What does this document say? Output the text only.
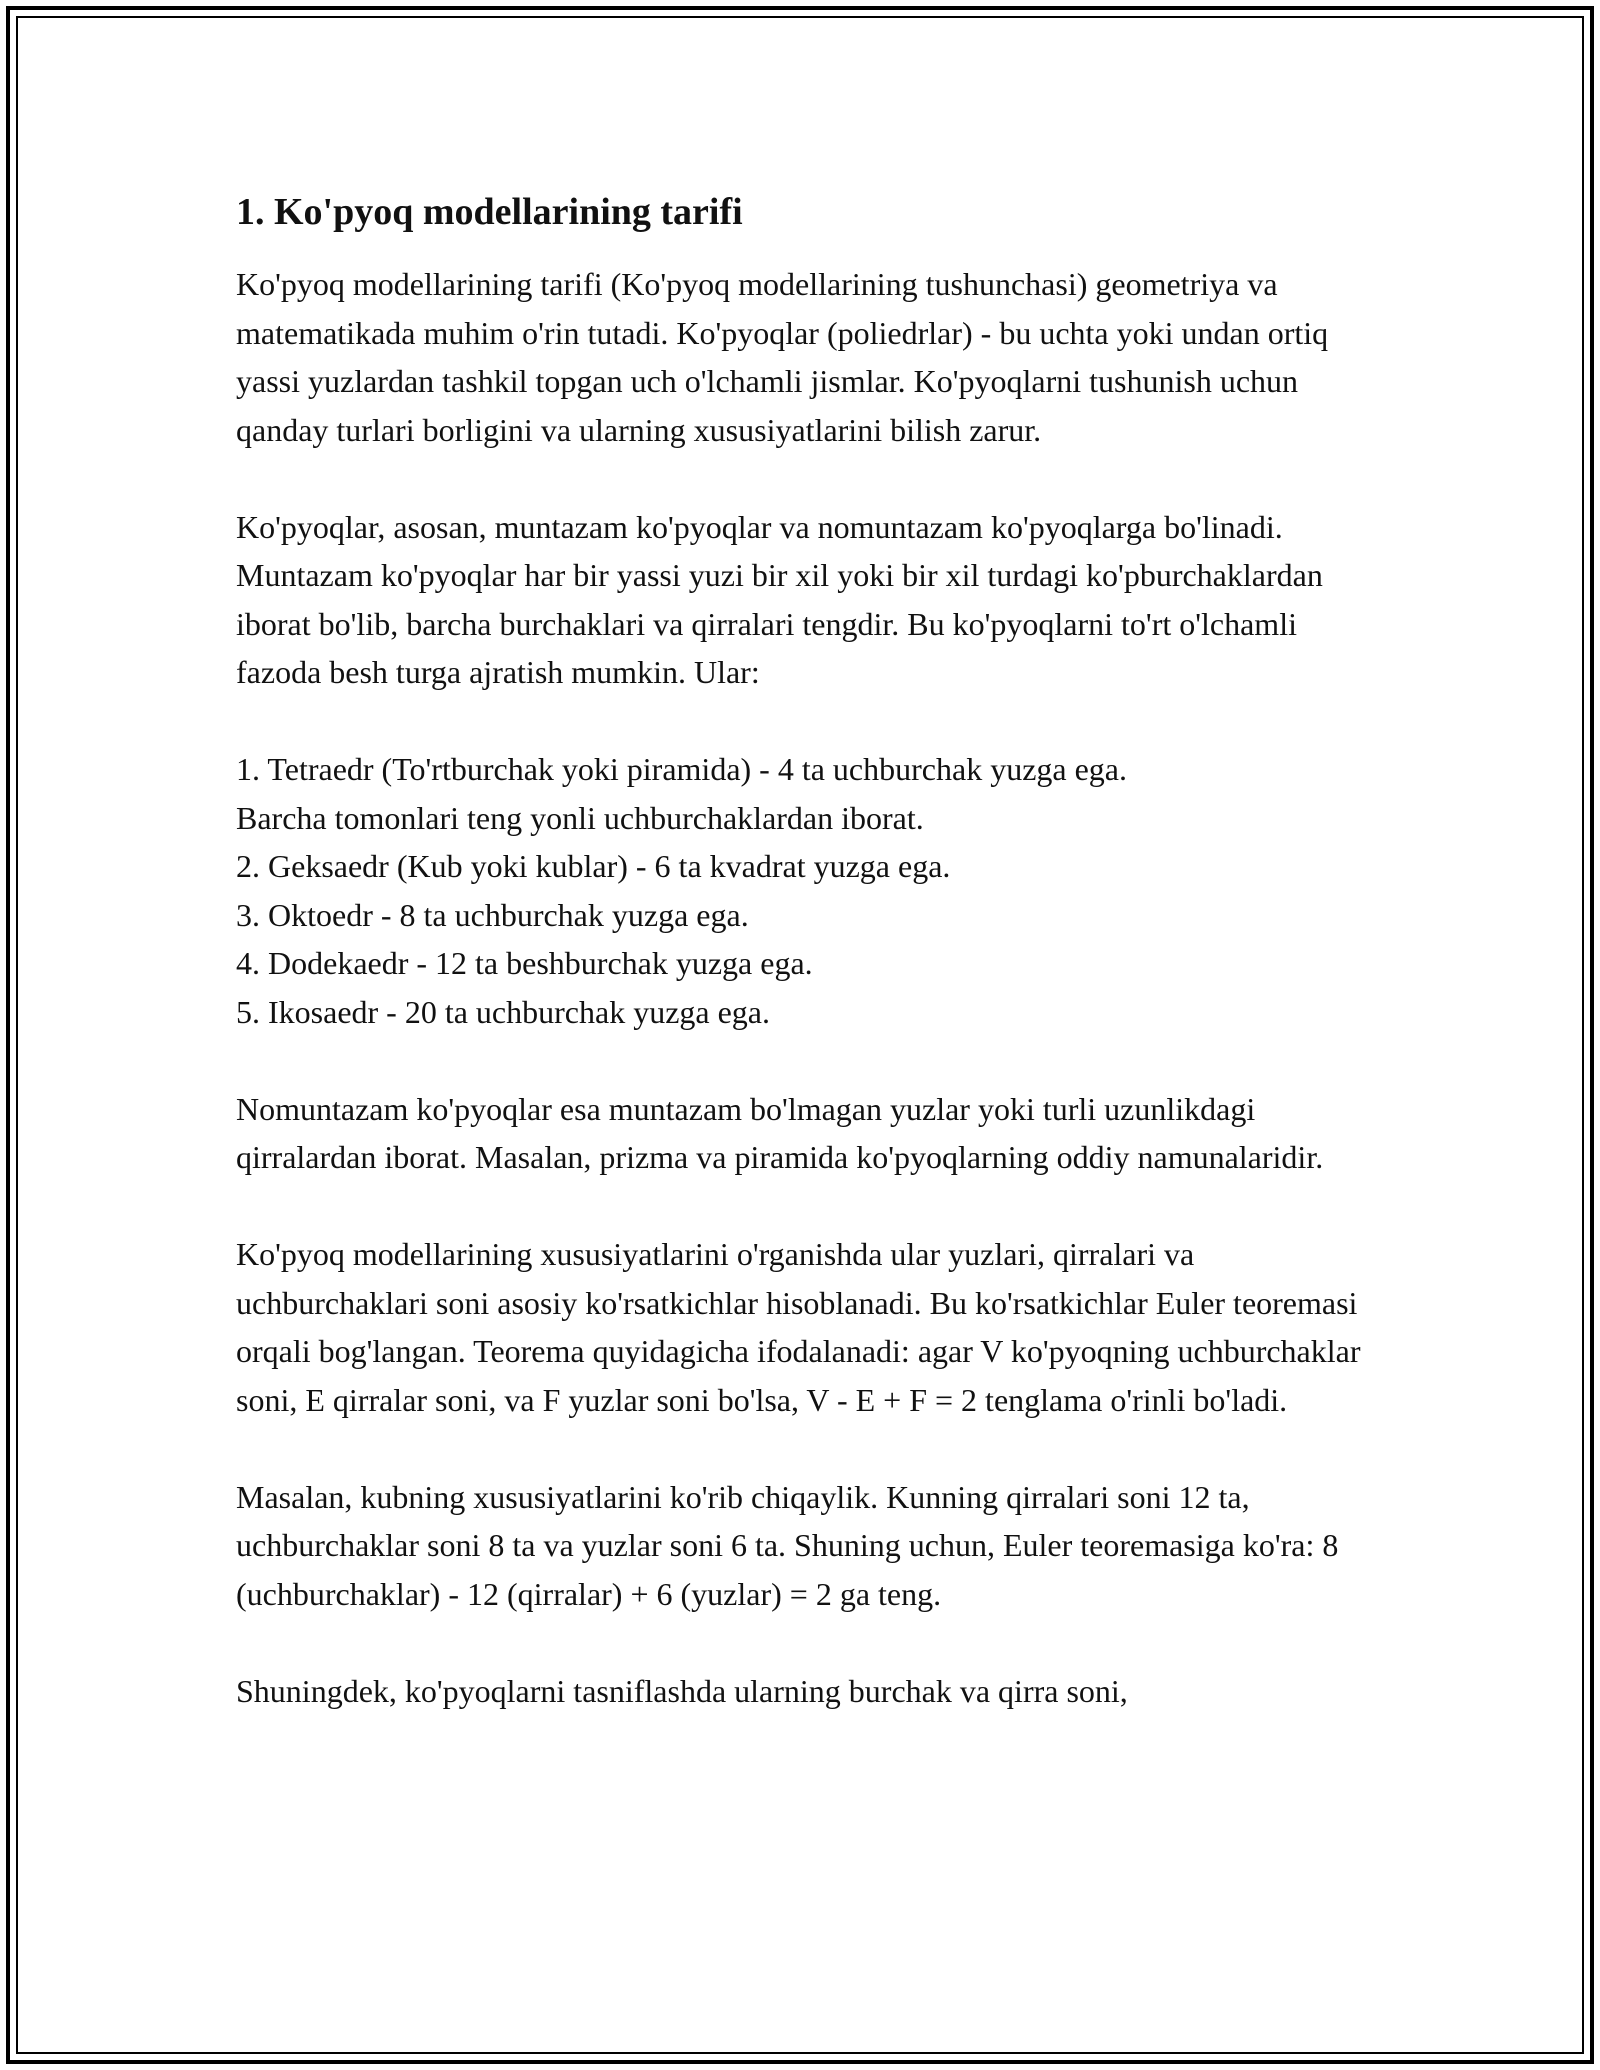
1. Ko'pyoq modellarining tarifi

Ko'pyoq modellarining tarifi (Ko'pyoq modellarining tushunchasi) geometriya va matematikada muhim o'rin tutadi. Ko'pyoqlar (poliedrlar) - bu uchta yoki undan ortiq yassi yuzlardan tashkil topgan uch o'lchamli jismlar. Ko'pyoqlarni tushunish uchun qanday turlari borligini va ularning xususiyatlarini bilish zarur.

Ko'pyoqlar, asosan, muntazam ko'pyoqlar va nomuntazam ko'pyoqlarga bo'linadi. Muntazam ko'pyoqlar har bir yassi yuzi bir xil yoki bir xil turdagi ko'pburchaklardan iborat bo'lib, barcha burchaklari va qirralari tengdir. Bu ko'pyoqlarni to'rt o'lchamli fazoda besh turga ajratish mumkin. Ular:

1. Tetraedr (To'rtburchak yoki piramida) - 4 ta uchburchak yuzga ega.
Barcha tomonlari teng yonli uchburchaklardan iborat.
2. Geksaedr (Kub yoki kublar) - 6 ta kvadrat yuzga ega.
3. Oktoedr - 8 ta uchburchak yuzga ega.
4. Dodekaedr - 12 ta beshburchak yuzga ega.
5. Ikosaedr - 20 ta uchburchak yuzga ega.

Nomuntazam ko'pyoqlar esa muntazam bo'lmagan yuzlar yoki turli uzunlikdagi qirralardan iborat. Masalan, prizma va piramida ko'pyoqlarning oddiy namunalaridir.

Ko'pyoq modellarining xususiyatlarini o'rganishda ular yuzlari, qirralari va uchburchaklari soni asosiy ko'rsatkichlar hisoblanadi. Bu ko'rsatkichlar Euler teoremasi orqali bog'langan. Teorema quyidagicha ifodalanadi: agar V ko'pyoqning uchburchaklar soni, E qirralar soni, va F yuzlar soni bo'lsa, V - E + F = 2 tenglama o'rinli bo'ladi.

Masalan, kubning xususiyatlarini ko'rib chiqaylik. Kunning qirralari soni 12 ta, uchburchaklar soni 8 ta va yuzlar soni 6 ta. Shuning uchun, Euler teoremasiga ko'ra: 8 (uchburchaklar) - 12 (qirralar) + 6 (yuzlar) = 2 ga teng.

Shuningdek, ko'pyoqlarni tasniflashda ularning burchak va qirra soni,
